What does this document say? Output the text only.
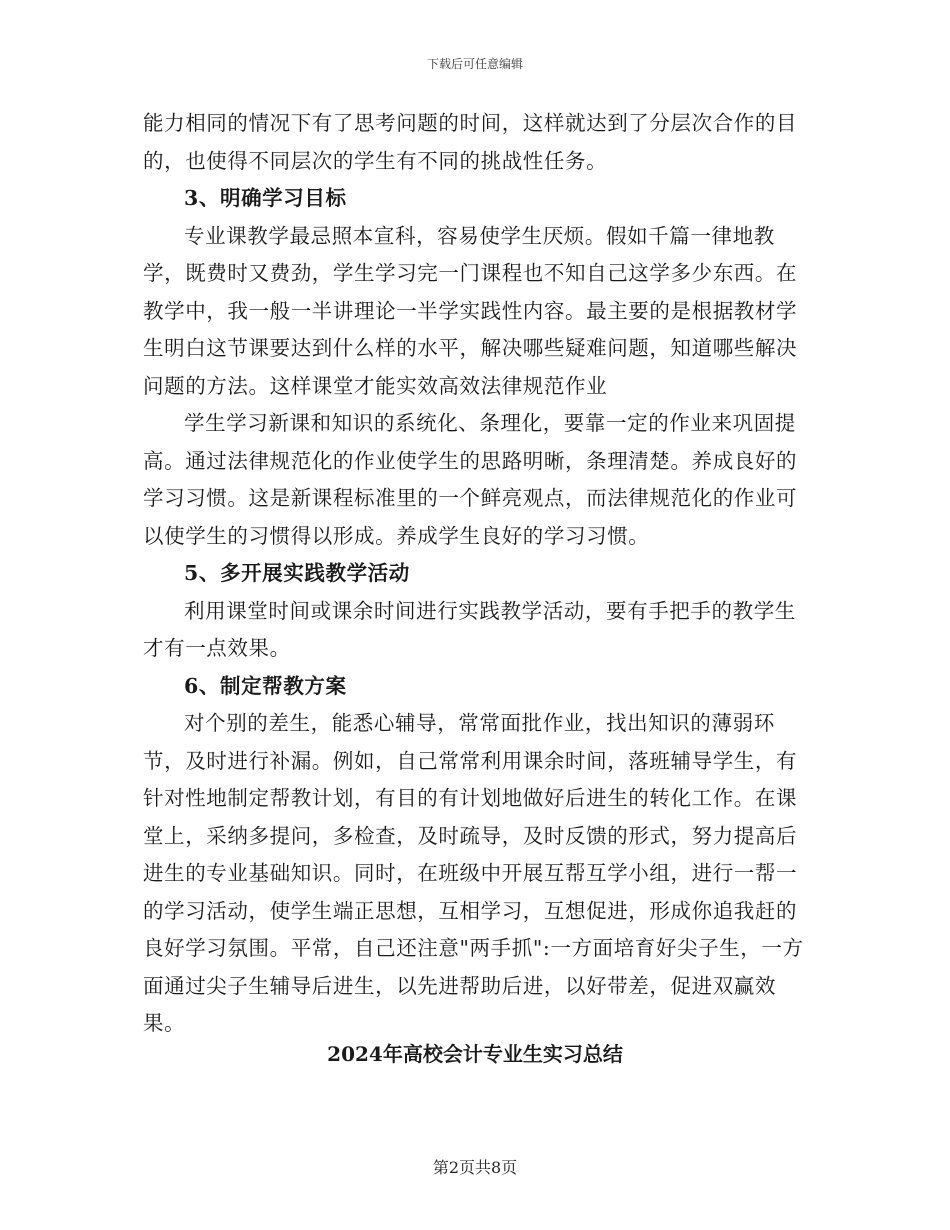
下载后可任意编辑

能力相同的情况下有了思考问题的时间，这样就达到了分层次合作的目的，也使得不同层次的学生有不同的挑战性任务。

3、明确学习目标

专业课教学最忌照本宣科，容易使学生厌烦。假如千篇一律地教学，既费时又费劲，学生学习完一门课程也不知自己这学多少东西。在教学中，我一般一半讲理论一半学实践性内容。最主要的是根据教材学生明白这节课要达到什么样的水平，解决哪些疑难问题，知道哪些解决问题的方法。这样课堂才能实效高效法律规范作业

学生学习新课和知识的系统化、条理化，要靠一定的作业来巩固提高。通过法律规范化的作业使学生的思路明晰，条理清楚。养成良好的学习习惯。这是新课程标准里的一个鲜亮观点，而法律规范化的作业可以使学生的习惯得以形成。养成学生良好的学习习惯。

5、多开展实践教学活动

利用课堂时间或课余时间进行实践教学活动，要有手把手的教学生才有一点效果。

6、制定帮教方案

对个别的差生，能悉心辅导，常常面批作业，找出知识的薄弱环节，及时进行补漏。例如，自己常常利用课余时间，落班辅导学生，有针对性地制定帮教计划，有目的有计划地做好后进生的转化工作。在课堂上，采纳多提问，多检查，及时疏导，及时反馈的形式，努力提高后进生的专业基础知识。同时，在班级中开展互帮互学小组，进行一帮一的学习活动，使学生端正思想，互相学习，互想促进，形成你追我赶的良好学习氛围。平常，自己还注意"两手抓":一方面培育好尖子生，一方面通过尖子生辅导后进生，以先进帮助后进，以好带差，促进双赢效果。

2024年高校会计专业生实习总结
第2页共8页
